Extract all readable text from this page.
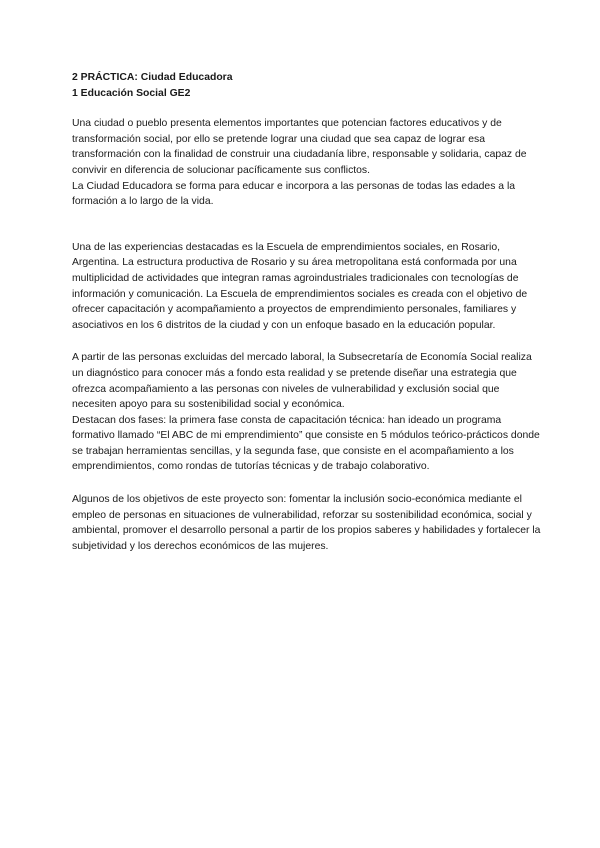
2 PRÁCTICA: Ciudad Educadora

1 Educación Social GE2

Una ciudad o pueblo presenta elementos importantes que potencian factores educativos y de transformación social, por ello se pretende lograr una ciudad que sea capaz de lograr esa transformación con la finalidad de construir una ciudadanía libre, responsable y solidaria, capaz de convivir en diferencia de solucionar pacíficamente sus conflictos.

La Ciudad Educadora se forma para educar e incorpora a las personas de todas las edades a la formación a lo largo de la vida.

Una de las experiencias destacadas es la Escuela de emprendimientos sociales, en Rosario, Argentina. La estructura productiva de Rosario y su área metropolitana está conformada por una multiplicidad de actividades que integran ramas agroindustriales tradicionales con tecnologías de información y comunicación. La Escuela de emprendimientos sociales es creada con el objetivo de ofrecer capacitación y acompañamiento a proyectos de emprendimiento personales, familiares y asociativos en los 6 distritos de la ciudad y con un enfoque basado en la educación popular.

A partir de las personas excluidas del mercado laboral, la Subsecretaría de Economía Social realiza un diagnóstico para conocer más a fondo esta realidad y se pretende diseñar una estrategia que ofrezca acompañamiento a las personas con niveles de vulnerabilidad y exclusión social que necesiten apoyo para su sostenibilidad social y económica.

Destacan dos fases: la primera fase consta de capacitación técnica: han ideado un programa formativo llamado “El ABC de mi emprendimiento” que consiste en 5 módulos teórico-prácticos donde se trabajan herramientas sencillas, y la segunda fase, que consiste en el acompañamiento a los emprendimientos, como rondas de tutorías técnicas y de trabajo colaborativo.

Algunos de los objetivos de este proyecto son: fomentar la inclusión socio-económica mediante el empleo de personas en situaciones de vulnerabilidad, reforzar su sostenibilidad económica, social y ambiental, promover el desarrollo personal a partir de los propios saberes y habilidades y fortalecer la subjetividad y los derechos económicos de las mujeres.
